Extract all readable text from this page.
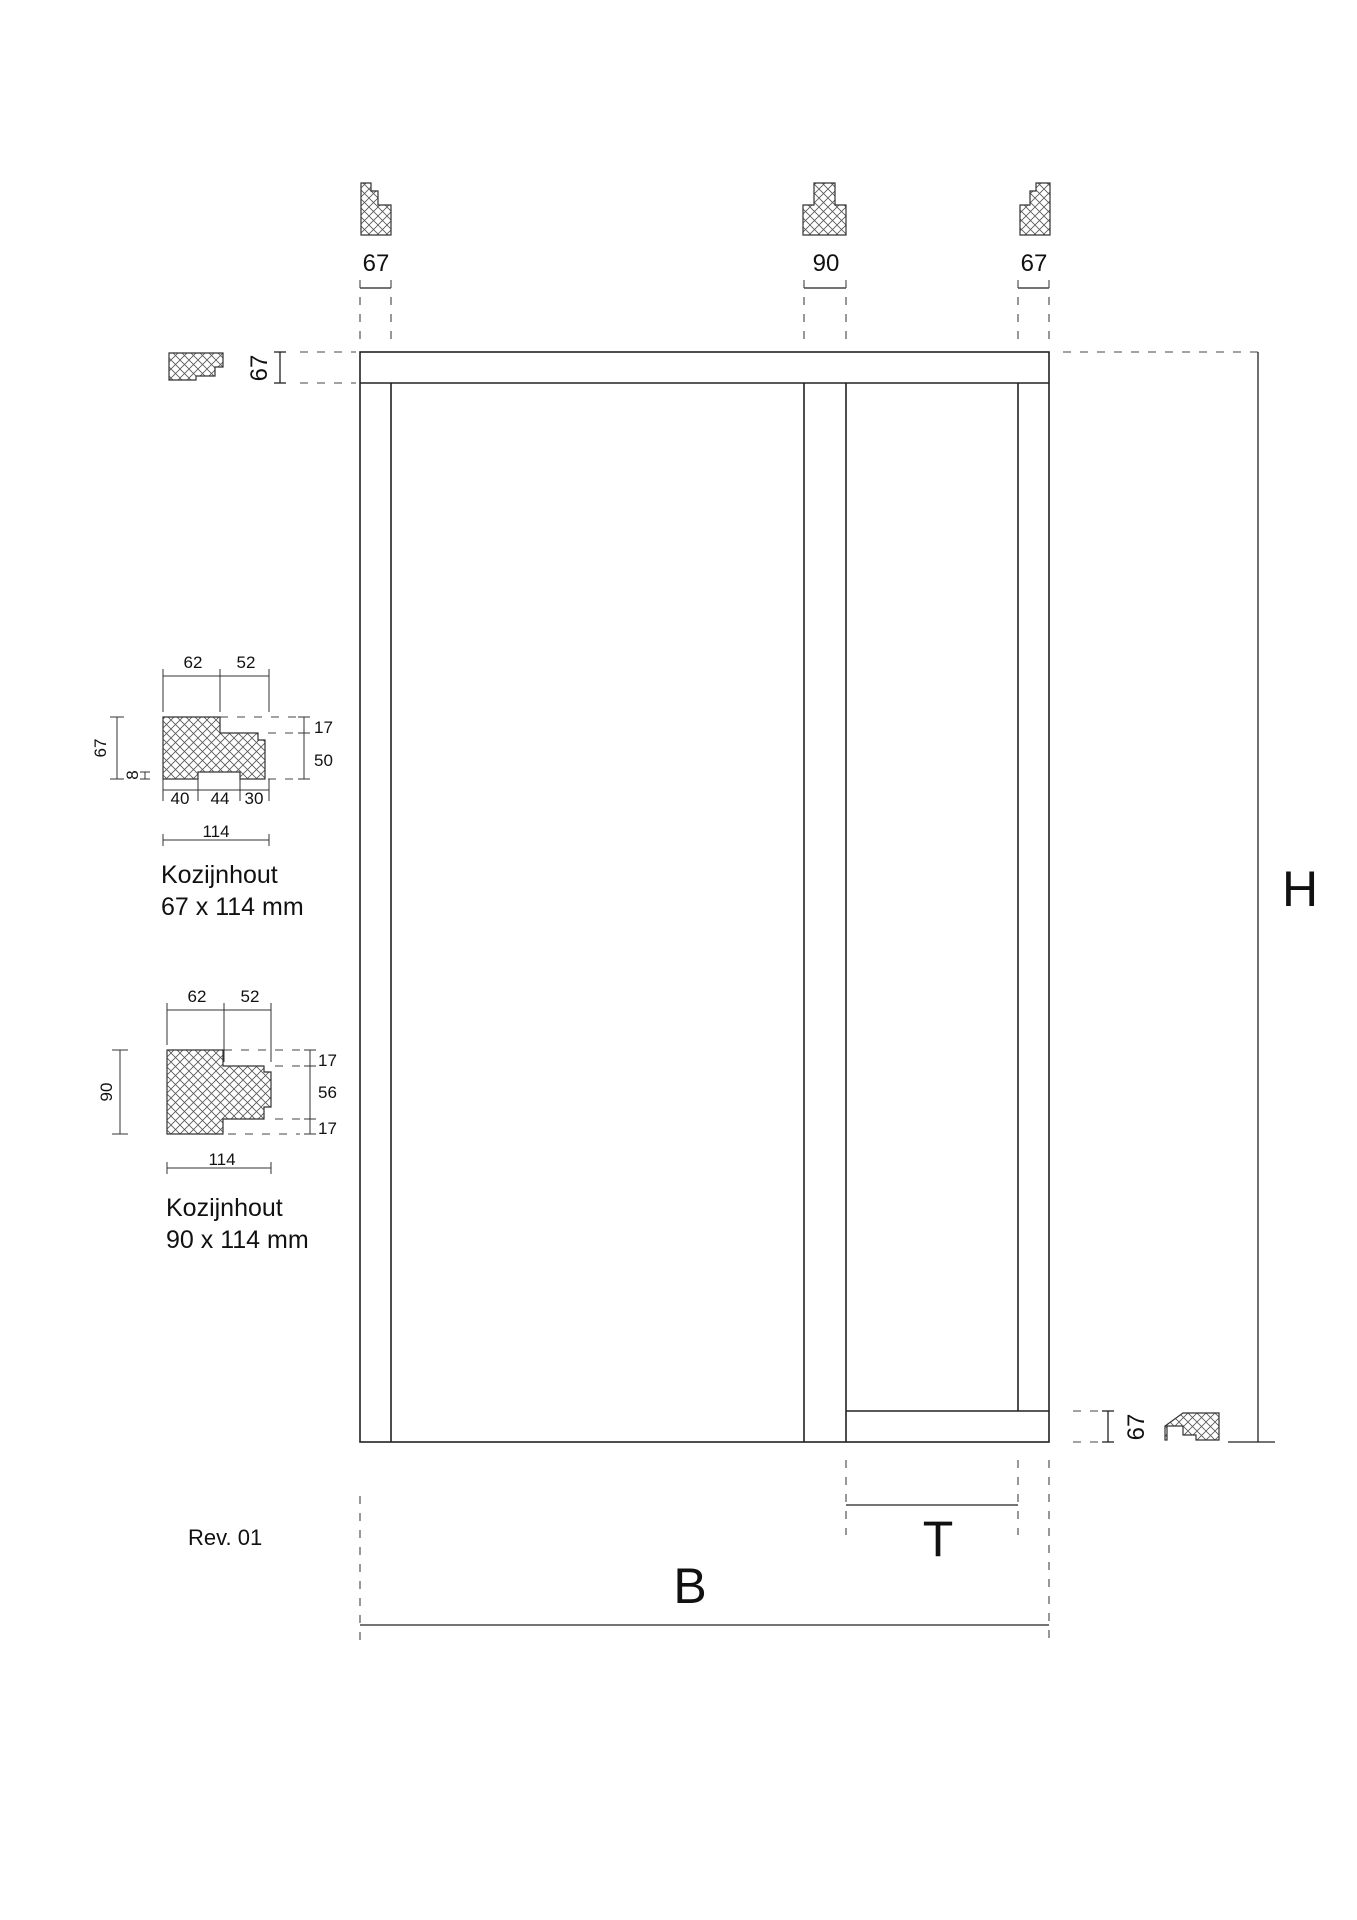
67	90	67
67
H
67
T
B
62 52
17
50
67
8
40 44 30
114
Kozijnhout
67 x 114 mm
62 52
17
56
17
90
114
Kozijnhout
90 x 114 mm
Rev. 01
